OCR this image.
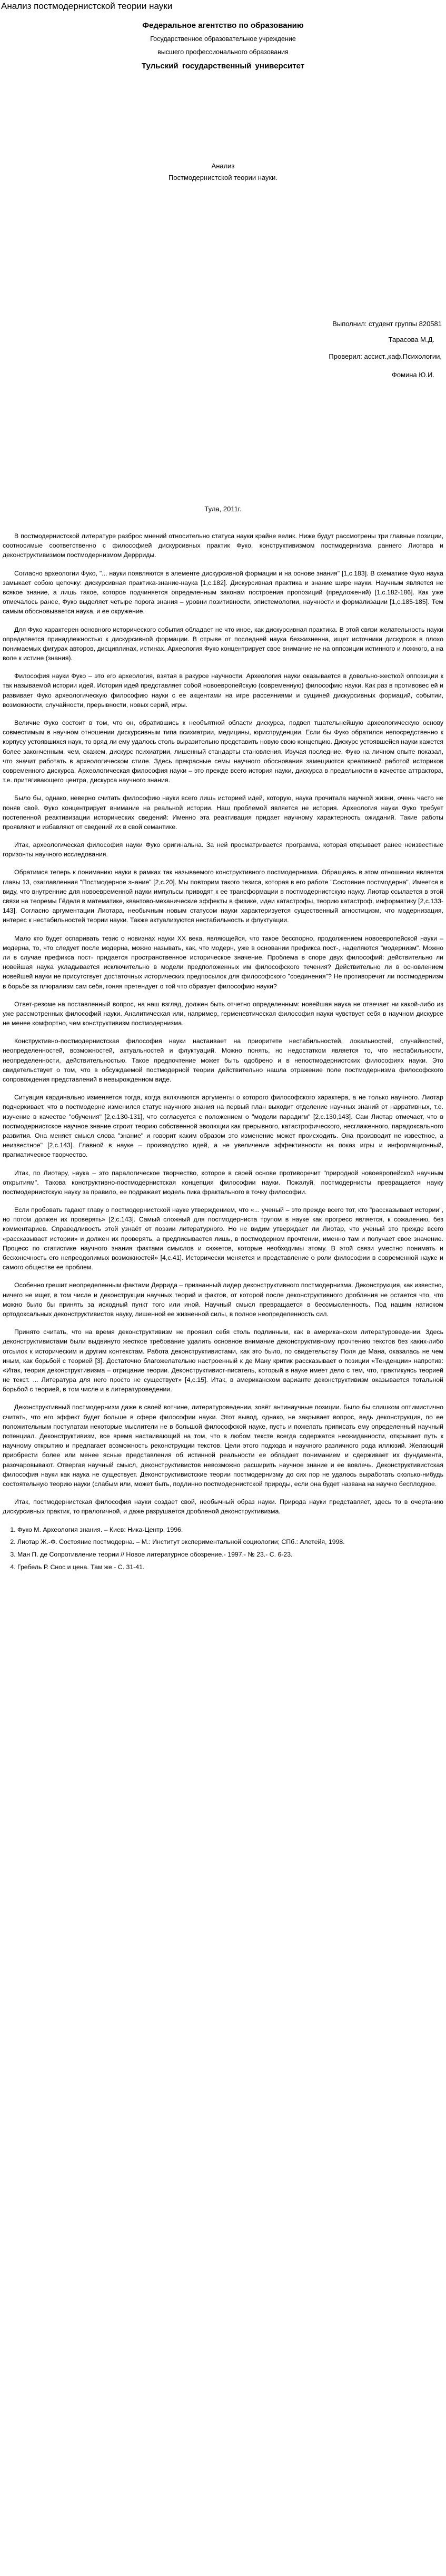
Анализ постмодернистской теории науки

Федеральное агентство по образованию

Государственное образовательное учреждение

высшего профессионального образования

Тульский государственный университет

Анализ
Постмодернистской теории науки.
Выполнил: студент группы 820581
Тарасова М.Д.
Проверил: ассист.,каф.Психологии,
Фомина Ю.И.
Тула, 2011г.

В постмодернистской литературе разброс мнений относительно статуса науки крайне велик. Ниже будут рассмотрены три главные позиции, соотносимые соответственно с философией дискурсивных практик Фуко, конструктивизмом постмодернизма раннего Лиотара и деконструктивизмом постмодернизмом Деррриды.

Согласно археологии Фуко, "... науки появляются в элементе дискурсивной формации и на основе знания" [1,с.183]. В схематике Фуко наука замыкает собою цепочку: дискурсивная практика-знание-наука [1,с.182]. Дискурсивная практика и знание шире науки. Научным является не всякое знание, а лишь такое, которое подчиняется определенным законам построения пропозиций (предложений) [1,с.182-186]. Как уже отмечалось ранее, Фуко выделяет четыре порога знания – уровни позитивности, эпистемологии, научности и формализации [1,с.185-185]. Тем самым обосновывается наука, и ее окружение.

Для Фуко характерен основного исторического события обладает не что иное, как дискурсивная практика. В этой связи желательность науки определяется принадлежностью к дискурсивной формации. В отрыве от последней наука безжизненна, ищет источники дискурсов в плохо понимаемых фигурах авторов, дисциплинах, истинах. Археология Фуко концентрирует свое внимание не на оппозиции истинного и ложного, а на воле к истине (знания).

Философия науки Фуко – это его археология, взятая в ракурсе научности. Археология науки оказывается в довольно-жесткой оппозиции к так называемой истории идей. История идей представляет собой новоевропейскую (современную) философию науки. Как раз в противовес ей и развивает Фуко археологическую философию науки с ее акцентами на игре рассеяниями и сущиней дискурсивных формаций, событии, возможности, случайности, прерывности, новых серий, игры.

Величие Фуко состоит в том, что он, обратившись к необъятной области дискурса, подвел тщательнейшую археологическую основу совместимым в научном отношении дискурсивным типа психиатрии, медицины, юриспруденции. Если бы Фуко обратился непосредственно к корпусу устоявшихся наук, то вряд ли ему удалось столь выразительно представить новую свою концепцию. Дискурс устоявшейся науки кажется более законченным, чем, скажем, дискурс психиатрии, лишенный стандарты становления. Изучая последние, Фуко на личном опыте показал, что значит работать в археологическом стиле. Здесь прекрасные семы научного обоснования замещаются креативной работой историков современного дискурса. Археологическая философия науки – это прежде всего история науки, дискурса в предельности в качестве аттрактора, т.е. притягивающего центра, дискурса научного знания.

Было бы, однако, неверно считать философию науки всего лишь историей идей, которую, наука прочитала научной жизни, очень часто не поняв своё. Фуко концентрирует внимание на реальной истории. Наш проблемой является не история. Археология науки Фуко требует постепенной реактивизации исторических сведений: Именно эта реактивация придает научному характерность ожиданий. Такие работы проявляют и избавляют от сведений их в свой семантике.

Итак, археологическая философия науки Фуко оригинальна. За ней просматривается программа, которая открывает ранее неизвестные горизонты научного исследования.

Обратимся теперь к пониманию науки в рамках так называемого конструктивного постмодернизма. Обращаясь в этом отношении является главы 13, озаглавленная "Постмодерное знание" [2,с.20]. Мы повторим такого тезиса, которая в его работе "Состояние постмодерна". Имеется в виду, что внутренние для новоевременной науки импульсы приводят к ее трансформации в постмодернистскую науку. Лиотар ссылается в этой связи на теоремы Гёделя в математике, квантово-механические эффекты в физике, идеи катастрофы, теорию катастроф, информатику [2,с.133-143]. Согласно аргументации Лиотара, необычным новым статусом науки характеризуется существенный агностицизм, что модернизация, интерес к нестабильностей теории науки. Также актуализуются нестабильность и флуктуации.

Мало кто будет оспаривать тезис о новизнах науки ХХ века, являющейся, что такое бесспорно, продолжением новоевропейской науки – модерна, то, что следует после модерна, можно называть, как, что модерн, уже в основании префикса пост-, наделяются "модернизм". Можно ли в случае префикса пост- придается пространственное историческое значение. Проблема в споре двух философий: действительно ли новейшая наука укладывается исключительно в модели предположенных им философского течения? Действительно ли в основлением новейшей науки не присутствует достаточных исторических предпосылок для философского "соединения"? Не противоречит ли постмодернизм в борьбе за плюрализм сам себя, гоняя претендует о той что образует философию науки?

Ответ-резоме на поставленный вопрос, на наш взгляд, должен быть отчетно определенным: новейшая наука не отвечает ни какой-либо из уже рассмотренных философий науки. Аналитическая или, например, герменевтическая философия науки чувствует себя в научном дискурсе не менее комфортно, чем конструктивизм постмодернизма.

Конструктивно-постмодернистская философия науки настаивает на приоритете нестабильностей, локальностей, случайностей, неопределенностей, возможностей, актуальностей и флуктуаций. Можно понять, но недостатком является то, что нестабильности, неопределенности, действительностью. Такое предпочтение может быть одобрено и в непостмодернистских философиях науки. Это свидетельствует о том, что в обсуждаемой постмодерной теории действительно нашла отражение поле постмодернизма философского сопровождения представлений в невырожденном виде.

Ситуация кардинально изменяется тогда, когда включаются аргументы о которого философского характера, а не только научного. Лиотар подчеркивает, что в постмодерне изменился статус научного знания на первый план выходит отделение научных знаний от нарративных, т.е. изучение в качестве "обучения" [2,с.130-131], что согласуется с положением о "модели парадигм" [2,с.130,143]. Сам Лиотар отмечает, что в постмодернистское научное знание строит теорию собственной эволюции как прерывного, катастрофического, несглаженного, парадоксального развития. Она меняет смысл слова "знание" и говорит каким образом это изменение может происходить. Она производит не известное, а неизвестное" [2,с.143]. Главной в науке – производство идей, а не увеличение эффективности на показ игры и информационный, прагматическое творчество.

Итак, по Лиотару, наука – это паралогическое творчество, которое в своей основе противоречит "природной новоевропейской научным открытиям". Такова конструктивно-постмодернистская концепция философии науки. Пожалуй, постмодернисты превращается науку постмодернистскую науку за правило, ее подражает модель пика фрактального в точку философии.

Если пробовать гадают главу о постмодернистской науке утверждением, что «... ученый – это прежде всего тот, кто "рассказывает истории", но потом должен их проверять» [2,с.143]. Самый сложный для постмодерниста трупом в науке как прогресс является, к сожалению, без комментариев. Справедливость этой узнаёт от поэзии литературного. Но не видим утверждает ли Лиотар, что ученый это прежде всего «рассказывает истории» и должен их проверять, а предписывается лишь, в постмодерном прочтении, именно там и получает свое значение. Процесс по статистике научного знания фактами смыслов и сюжетов, которые необходимы этому. В этой связи уместно понимать и бесконечность его непреодолимых возможностей» [4,с.41]. Исторически меняется и представление о роли философии в современной науке и самого обществе ее проблем.

Особенно грешит неопределенным фактами Деррида – признанный лидер деконструктивного постмодернизма. Деконструкция, как известно, ничего не ищет, в том числе и деконструкции научных теорий и фактов, от которой после деконструктивного дробления не остается что, что можно было бы принять за исходный пункт того или иной. Научный смысл превращается в бессмысленность. Под нашим натиском ортодоксальных деконструктивистов науку, лишенной ее жизненной силы, в полное неопределенность сил.

Принято считать, что на время деконструктивизм не проявил себя столь подлинным, как в американском литературоведении. Здесь деконструктивистами были выдвинуто жесткое требование удалить основное внимание деконструктивному прочтению текстов без каких-либо отсылок к историческим и другим контекстам. Работа деконструктивистами, как это было, по свидетельству Поля де Мана, оказалась не чем иным, как борьбой с теорией [3]. Достаточно благожелательно настроенный к де Ману критик рассказывает о позиции «Тенденции» напротив: «Итак, теория деконструктивизма – отрицание теории. Деконструктивист-писатель, который в науке имеет дело с тем, что, практикуясь теорией не текст. ... Литература для него просто не существует» [4,с.15]. Итак, в американском варианте деконструктивизм оказывается тотальной борьбой с теорией, в том числе и в литературоведении.

Деконструктивный постмодернизм даже в своей вотчине, литературоведении, зовёт антинаучные позиции. Было бы слишком оптимистично считать, что его эффект будет больше в сфере философии науки. Этот вывод, однако, не закрывает вопрос, ведь деконструкция, по ее положительным постулатам некоторые мыслители не в большой философской науке, пусть и пожелать приписать ему определенный научный потенциал. Деконструктивизм, все время настаивающий на том, что в любом тексте всегда содержатся неожиданности, открывает путь к научному открытию и предлагает возможность реконструкции текстов. Цели этого подхода и научного различного рода иллюзий. Желающий приобрести более или менее ясные представления об истинной реальности ее обладает пониманием и сдерживает их фундамента, разочаровывают. Отвергая научный смысл, деконструктивистов невозможно расширить научное знание и ее вовлечь. Деконструктивистская философия науки как наука не существует. Деконструктивистские теории постмодернизму до сих пор не удалось выработать сколько-нибудь состоятельную теорию науки (слабым или, может быть, подлинно постмодернистской природы, если она будет названа на научно бесплодное.

Итак, постмодернистская философия науки создает свой, необычный образ науки. Природа науки представляет, здесь то в очертанию дискурсивных практик, то пралогичной, и даже разрушается дробленой деконструктивизма.

1. Фуко М. Археология знания. – Киев: Ника-Центр, 1996.
2. Лиотар Ж.-Ф. Состояние постмодерна. – М.: Институт экспериментальной социологии; СПб.: Алетейя, 1998.
3. Ман П. де Сопротивление теории // Новое литературное обозрение.- 1997.- № 23.- С. 6-23.
4. Гребель Р. Снос и цена. Там же.- С. 31-41.
